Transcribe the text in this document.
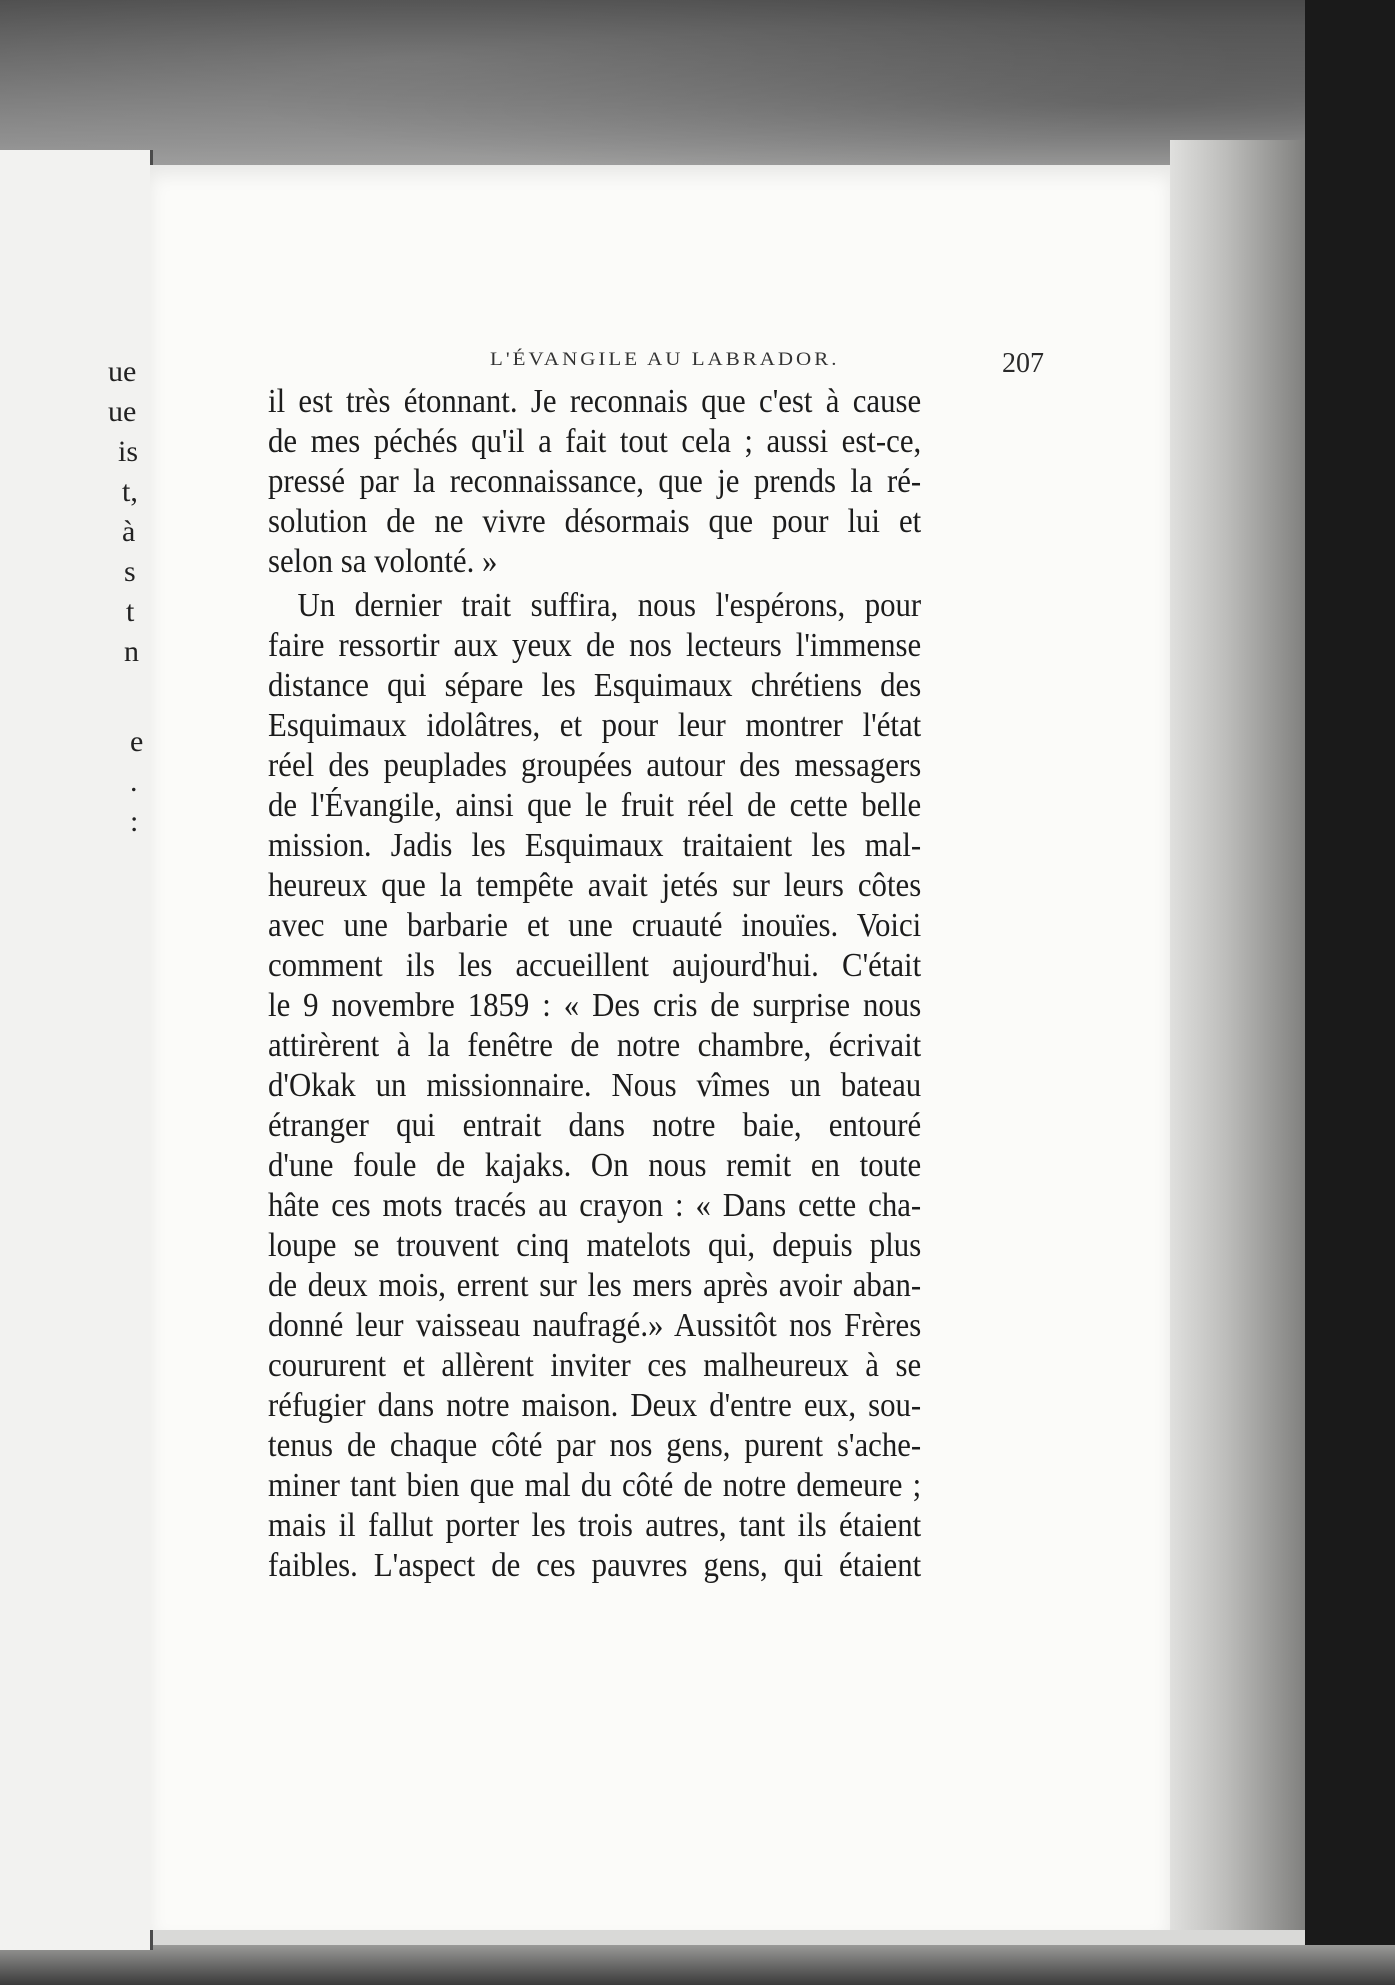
ue
ue
is
t,
à
s
t
n
e
.
:
L'ÉVANGILE AU LABRADOR.	207
il est très étonnant. Je reconnais que c'est à cause
de mes péchés qu'il a fait tout cela ; aussi est-ce,
pressé par la reconnaissance, que je prends la ré-
solution de ne vivre désormais que pour lui et
selon sa volonté. »
Un dernier trait suffira, nous l'espérons, pour
faire ressortir aux yeux de nos lecteurs l'immense
distance qui sépare les Esquimaux chrétiens des
Esquimaux idolâtres, et pour leur montrer l'état
réel des peuplades groupées autour des messagers
de l'Évangile, ainsi que le fruit réel de cette belle
mission. Jadis les Esquimaux traitaient les mal-
heureux que la tempête avait jetés sur leurs côtes
avec une barbarie et une cruauté inouïes. Voici
comment ils les accueillent aujourd'hui. C'était
le 9 novembre 1859 : « Des cris de surprise nous
attirèrent à la fenêtre de notre chambre, écrivait
d'Okak un missionnaire. Nous vîmes un bateau
étranger qui entrait dans notre baie, entouré
d'une foule de kajaks. On nous remit en toute
hâte ces mots tracés au crayon : « Dans cette cha-
loupe se trouvent cinq matelots qui, depuis plus
de deux mois, errent sur les mers après avoir aban-
donné leur vaisseau naufragé.» Aussitôt nos Frères
coururent et allèrent inviter ces malheureux à se
réfugier dans notre maison. Deux d'entre eux, sou-
tenus de chaque côté par nos gens, purent s'ache-
miner tant bien que mal du côté de notre demeure ;
mais il fallut porter les trois autres, tant ils étaient
faibles. L'aspect de ces pauvres gens, qui étaient
